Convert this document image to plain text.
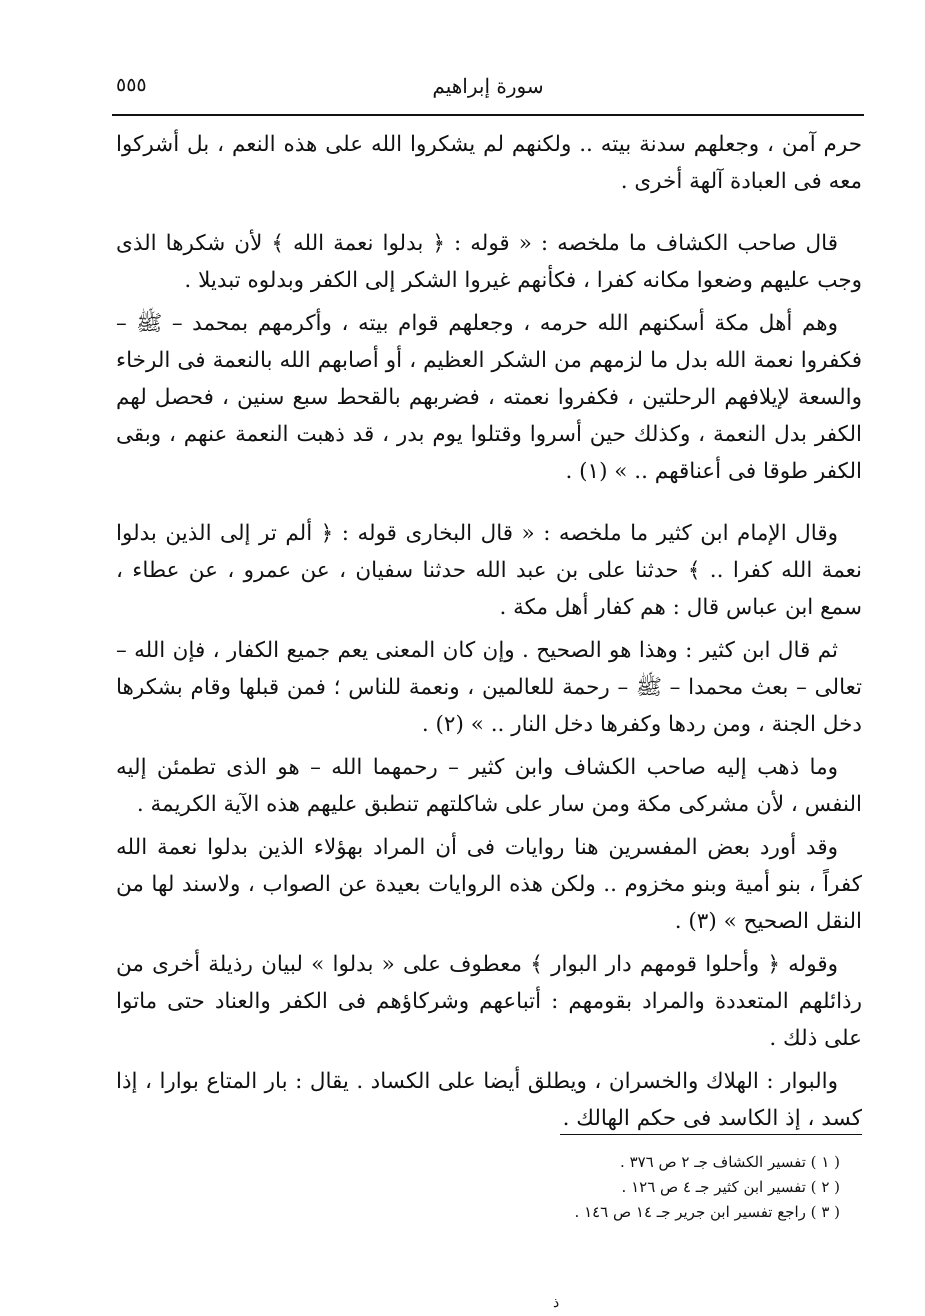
٥٥٥	سورة إبراهيم

حرم آمن ، وجعلهم سدنة بيته .. ولكنهم لم يشكروا الله على هذه النعم ، بل أشركوا معه فى العبادة آلهة أخرى .

قال صاحب الكشاف ما ملخصه : « قوله : ﴿ بدلوا نعمة الله ﴾ لأن شكرها الذى وجب عليهم وضعوا مكانه كفرا ، فكأنهم غيروا الشكر إلى الكفر وبدلوه تبديلا .

وهم أهل مكة أسكنهم الله حرمه ، وجعلهم قوام بيته ، وأكرمهم بمحمد – ﷺ – فكفروا نعمة الله بدل ما لزمهم من الشكر العظيم ، أو أصابهم الله بالنعمة فى الرخاء والسعة لإيلافهم الرحلتين ، فكفروا نعمته ، فضربهم بالقحط سبع سنين ، فحصل لهم الكفر بدل النعمة ، وكذلك حين أسروا وقتلوا يوم بدر ، قد ذهبت النعمة عنهم ، وبقى الكفر طوقا فى أعناقهم .. » (١) .

وقال الإمام ابن كثير ما ملخصه : « قال البخارى قوله : ﴿ ألم تر إلى الذين بدلوا نعمة الله كفرا .. ﴾ حدثنا على بن عبد الله حدثنا سفيان ، عن عمرو ، عن عطاء ، سمع ابن عباس قال : هم كفار أهل مكة .

ثم قال ابن كثير : وهذا هو الصحيح . وإن كان المعنى يعم جميع الكفار ، فإن الله – تعالى – بعث محمدا – ﷺ – رحمة للعالمين ، ونعمة للناس ؛ فمن قبلها وقام بشكرها دخل الجنة ، ومن ردها وكفرها دخل النار .. » (٢) .

وما ذهب إليه صاحب الكشاف وابن كثير – رحمهما الله – هو الذى تطمئن إليه النفس ، لأن مشركى مكة ومن سار على شاكلتهم تنطبق عليهم هذه الآية الكريمة .

وقد أورد بعض المفسرين هنا روايات فى أن المراد بهؤلاء الذين بدلوا نعمة الله كفراً ، بنو أمية وبنو مخزوم .. ولكن هذه الروايات بعيدة عن الصواب ، ولاسند لها من النقل الصحيح » (٣) .

وقوله ﴿ وأحلوا قومهم دار البوار ﴾ معطوف على « بدلوا » لبيان رذيلة أخرى من رذائلهم المتعددة والمراد بقومهم : أتباعهم وشركاؤهم فى الكفر والعناد حتى ماتوا على ذلك .

والبوار : الهلاك والخسران ، ويطلق أيضا على الكساد . يقال : بار المتاع بوارا ، إذا كسد ، إذ الكاسد فى حكم الهالك .

( ١ ) تفسير الكشاف جـ ٢ ص ٣٧٦ .

( ٢ ) تفسير ابن كثير جـ ٤ ص ١٢٦ .

( ٣ ) راجع تفسير ابن جرير جـ ١٤ ص ١٤٦ .

ذ
